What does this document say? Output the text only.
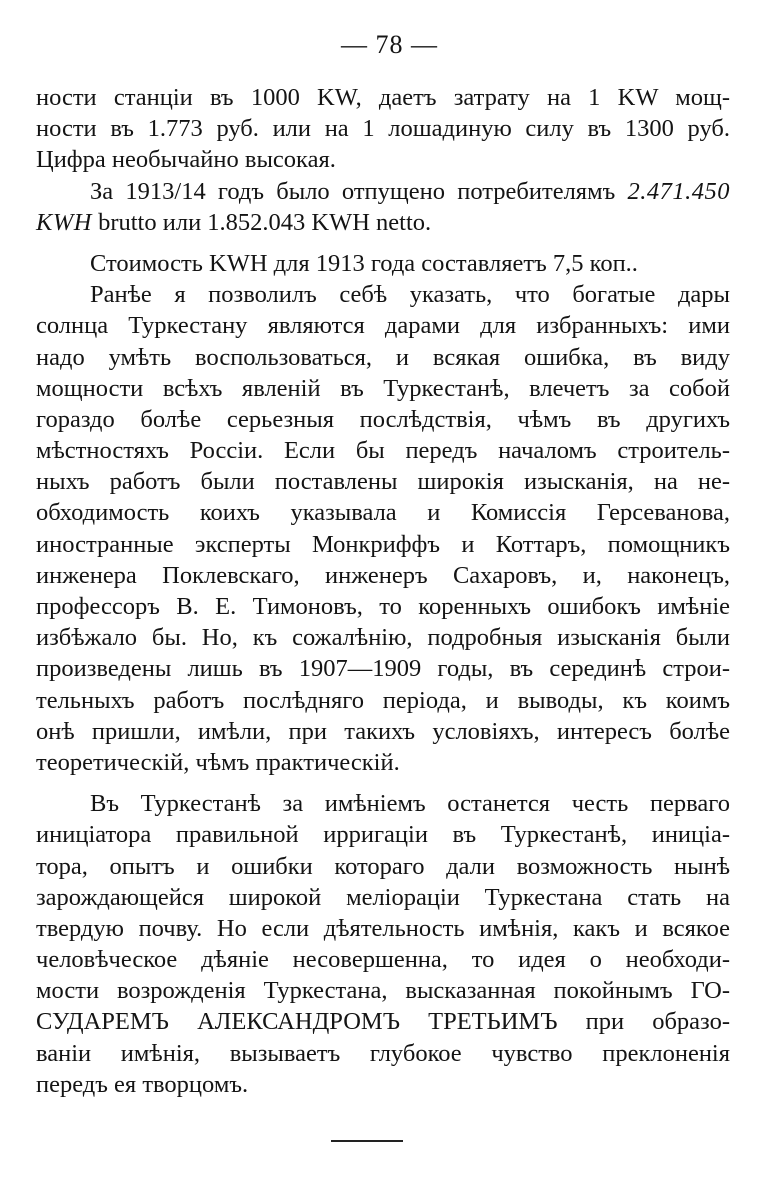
— 78 —
ности станціи въ 1000 KW, даетъ затрату на 1 KW мощ-
ности въ 1.773 руб. или на 1 лошадиную силу въ 1300 руб.
Цифра необычайно высокая.
За 1913/14 годъ было отпущено потребителямъ 2.471.450
KWH brutto или 1.852.043 KWH netto.
Стоимость KWH для 1913 года составляетъ 7,5 коп..
Ранѣе я позволилъ себѣ указать, что богатые дары
солнца Туркестану являются дарами для избранныхъ: ими
надо умѣть воспользоваться, и всякая ошибка, въ виду
мощности всѣхъ явленій въ Туркестанѣ, влечетъ за собой
гораздо болѣе серьезныя послѣдствія, чѣмъ въ другихъ
мѣстностяхъ Россіи. Если бы передъ началомъ строитель-
ныхъ работъ были поставлены широкія изысканія, на не-
обходимость коихъ указывала и Комиссія Герсеванова,
иностранные эксперты Монкриффъ и Коттаръ, помощникъ
инженера Поклевскаго, инженеръ Сахаровъ, и, наконецъ,
профессоръ В. Е. Тимоновъ, то коренныхъ ошибокъ имѣніе
избѣжало бы. Но, къ сожалѣнію, подробныя изысканія были
произведены лишь въ 1907—1909 годы, въ серединѣ строи-
тельныхъ работъ послѣдняго періода, и выводы, къ коимъ
онѣ пришли, имѣли, при такихъ условіяхъ, интересъ болѣе
теоретическій, чѣмъ практическій.
Въ Туркестанѣ за имѣніемъ останется честь перваго
иниціатора правильной ирригаціи въ Туркестанѣ, иниціа-
тора, опытъ и ошибки котораго дали возможность нынѣ
зарождающейся широкой меліораціи Туркестана стать на
твердую почву. Но если дѣятельность имѣнія, какъ и всякое
человѣческое дѣяніе несовершенна, то идея о необходи-
мости возрожденія Туркестана, высказанная покойнымъ ГО-
СУДАРЕМЪ АЛЕКСАНДРОМЪ ТРЕТЬИМЪ при образо-
ваніи имѣнія, вызываетъ глубокое чувство преклоненія
передъ ея творцомъ.
